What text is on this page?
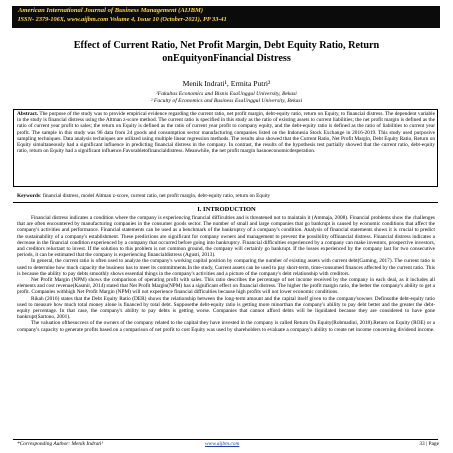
American International Journal of Business Management (AIJBM)
ISSN- 2379-106X, www.aijbm.com Volume 4, Issue 10 (October-2021), PP 33-41
Effect of Current Ratio, Net Profit Margin, Debt Equity Ratio, Return
onEquityonFinancial Distress
Menik Indrati¹, Ermita Putri²
¹Fakultas Economics and Bisnis EsaUnggul University, Bekasi
² Faculty of Economics and Business EsaUnggul University, Bekasi
Abstract. The purpose of the study was to provide empirical evidence regarding the current ratio, net profit margin, debt-equity ratio, return on Equity, to financial distress. The dependent variable in the study is financial distress using the Altman z-score method. The current ratio is specified in this study as the ratio of existing assets to current liabilities; the net profit margin is defined as the ratio of current year profit to sales; the return on Equity is defined as the ratio of current year profit to company equity, and the debt-equity ratio is defined as the ratio of liabilities to current year profit. The sample in this study was 96 data from 24 goods and consumption sector manufacturing companies listed on the Indonesia Stock Exchange in 2016-2019. This study used purposive sampling techniques. Data analysis techniques are utilized using multiple linear regression methods. The results also showed that the Current Ratio, Net Profit Margin, Debt Equity Ratio, Return on Equity simultaneously had a significant influence in predicting financial distress in the company. In contrast, the results of the hypothesis test partially showed that the current ratio, debt-equity ratio, return on Equity had a significant influence.Favorabletofinancialdistress. Meanwhile, the net profit margin hasnoeconomicdesperation.
Keywords: financial distress, model Altman z-score, current ratio, net profit margin, debt-equity ratio, return on Equity
I. INTRODUCTION

Financial distress indicates a condition where the company is experiencing financial difficulties and is threatened not to maintain it (Ammaja, 2008). Financial problems show the challenges that are often encountered by manufacturing companies in the consumer goods sector. The number of small and large companies that go bankrupt is caused by economic conditions that affect the company's activities and performance. Financial statements can be used as a benchmark of the bankruptcy of a company's condition. Analysis of financial statements shows it is crucial to predict the sustainability of a company's establishment. These predictions are significant for company owners and management to prevent the possibility offinancial distress. Financial distress indicates a decrease in the financial condition experienced by a company that occurred before going into bankruptcy. Financial difficulties experienced by a company can make investors, prospective investors, and creditors reluctant to invest. If the solution to this problem is not common ground, the company will certainly go bankrupt. If the losses experienced by the company last for two consecutive periods, it can be estimated that the company is experiencing financialdistress (Agusti, 2013).

In general, the current ratio is often used to analyze the company's working capital position by comparing the number of existing assets with current debt(Gaming, 2017). The current ratio is used to determine how much capacity the business has to meet its commitments.In the study, Current assets can be used to pay short-term, time-consumed finances affected by the current ratio. This is because the ability to pay debts smoothly shows essential things in the company's activities and a picture of the company's debt relationship with creditors.

Net Profit Margin (NPM) shows the comparison of operating profit with sales. This ratio describes the percentage of net income received by the company in each deal, as it includes all elements and cost revenue(Kasmir, 2014) stated that Net Profit Margin(NPM) has a significant effect on financial distress. The higher the profit margin ratio, the better the company's ability to get a profit. Companies withhigh Net Profit Margin (NPM) will not experience financial difficulties because high profits will not lower economic conditions.

Rikah (2016) states that the Debt Equity Ratio (DER) shows the relationship between the long-term amount and the capital itself given to the company'sowner. Definsothe debt-equity ratio used to measure how much total money alone is financed by total debt. Supposethe debt-equity ratio is getting more minorthan the company's ability to pay debt better and the greater the debt-equity percentage. In that case, the company's ability to pay debts is getting worse. Companies that cannot afford debts will be liquidated because they are considered to have gone bankrupt(Sartono, 2001).

The valuation ofthesuccess of the owners of the company related to the capital they have invested in the company is called Return On Equity(Robmadini, 2018).Return on Equity (ROE) or a company's capacity to generate profits based on a comparison of net profit to cost Equity was used by shareholders to evaluate a company's ability to create net income concerning dividend income.

*Corresponding Author: Menik Indrati¹	www.aijbm.com	33 | Page
